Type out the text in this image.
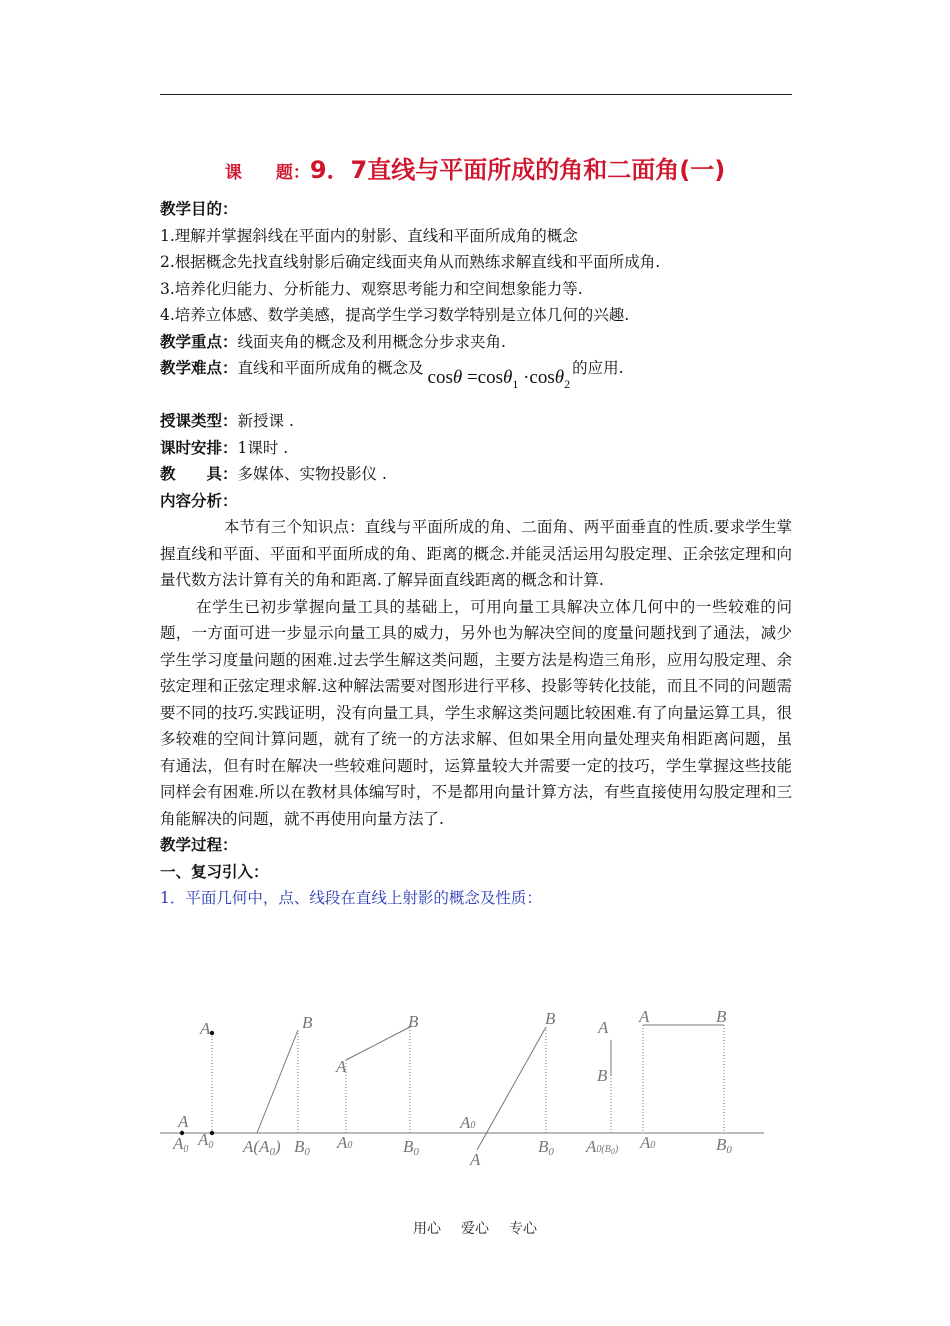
课 题：9．7直线与平面所成的角和二面角(一)
教学目的：
1.理解并掌握斜线在平面内的射影、直线和平面所成角的概念
2.根据概念先找直线射影后确定线面夹角从而熟练求解直线和平面所成角.
3.培养化归能力、分析能力、观察思考能力和空间想象能力等.
4.培养立体感、数学美感，提高学生学习数学特别是立体几何的兴趣.
教学重点：线面夹角的概念及利用概念分步求夹角.
教学难点：直线和平面所成角的概念及 cosθ =cosθ$_1$ ·cosθ$_2$的应用.
授课类型：新授课 .
课时安排：1课时 .
教　　具：多媒体、实物投影仪 .
内容分析：

本节有三个知识点：直线与平面所成的角、二面角、两平面垂直的性质.要求学生掌握直线和平面、平面和平面所成的角、距离的概念.并能灵活运用勾股定理、正余弦定理和向量代数方法计算有关的角和距离.了解异面直线距离的概念和计算.

在学生已初步掌握向量工具的基础上，可用向量工具解决立体几何中的一些较难的问题，一方面可进一步显示向量工具的威力，另外也为解决空间的度量问题找到了通法，减少学生学习度量问题的困难.过去学生解这类问题，主要方法是构造三角形，应用勾股定理、余弦定理和正弦定理求解.这种解法需要对图形进行平移、投影等转化技能，而且不同的问题需要不同的技巧.实践证明，没有向量工具，学生求解这类问题比较困难.有了向量运算工具，很多较难的空间计算问题，就有了统一的方法求解、但如果全用向量处理夹角相距离问题，虽有通法，但有时在解决一些较难问题时，运算量较大并需要一定的技巧，学生掌握这些技能同样会有困难.所以在教材具体编写时，不是都用向量计算方法，有些直接使用勾股定理和三角能解决的问题，就不再使用向量方法了.

教学过程：
一、复习引入：
1．平面几何中，点、线段在直线上射影的概念及性质：
A	B
A
B	B	A
B
A	B
A
A
A0
A0 A(A0) B0 A0	B0
A0
B0 A0(B0) A0	B0
用心 爱心 专心
